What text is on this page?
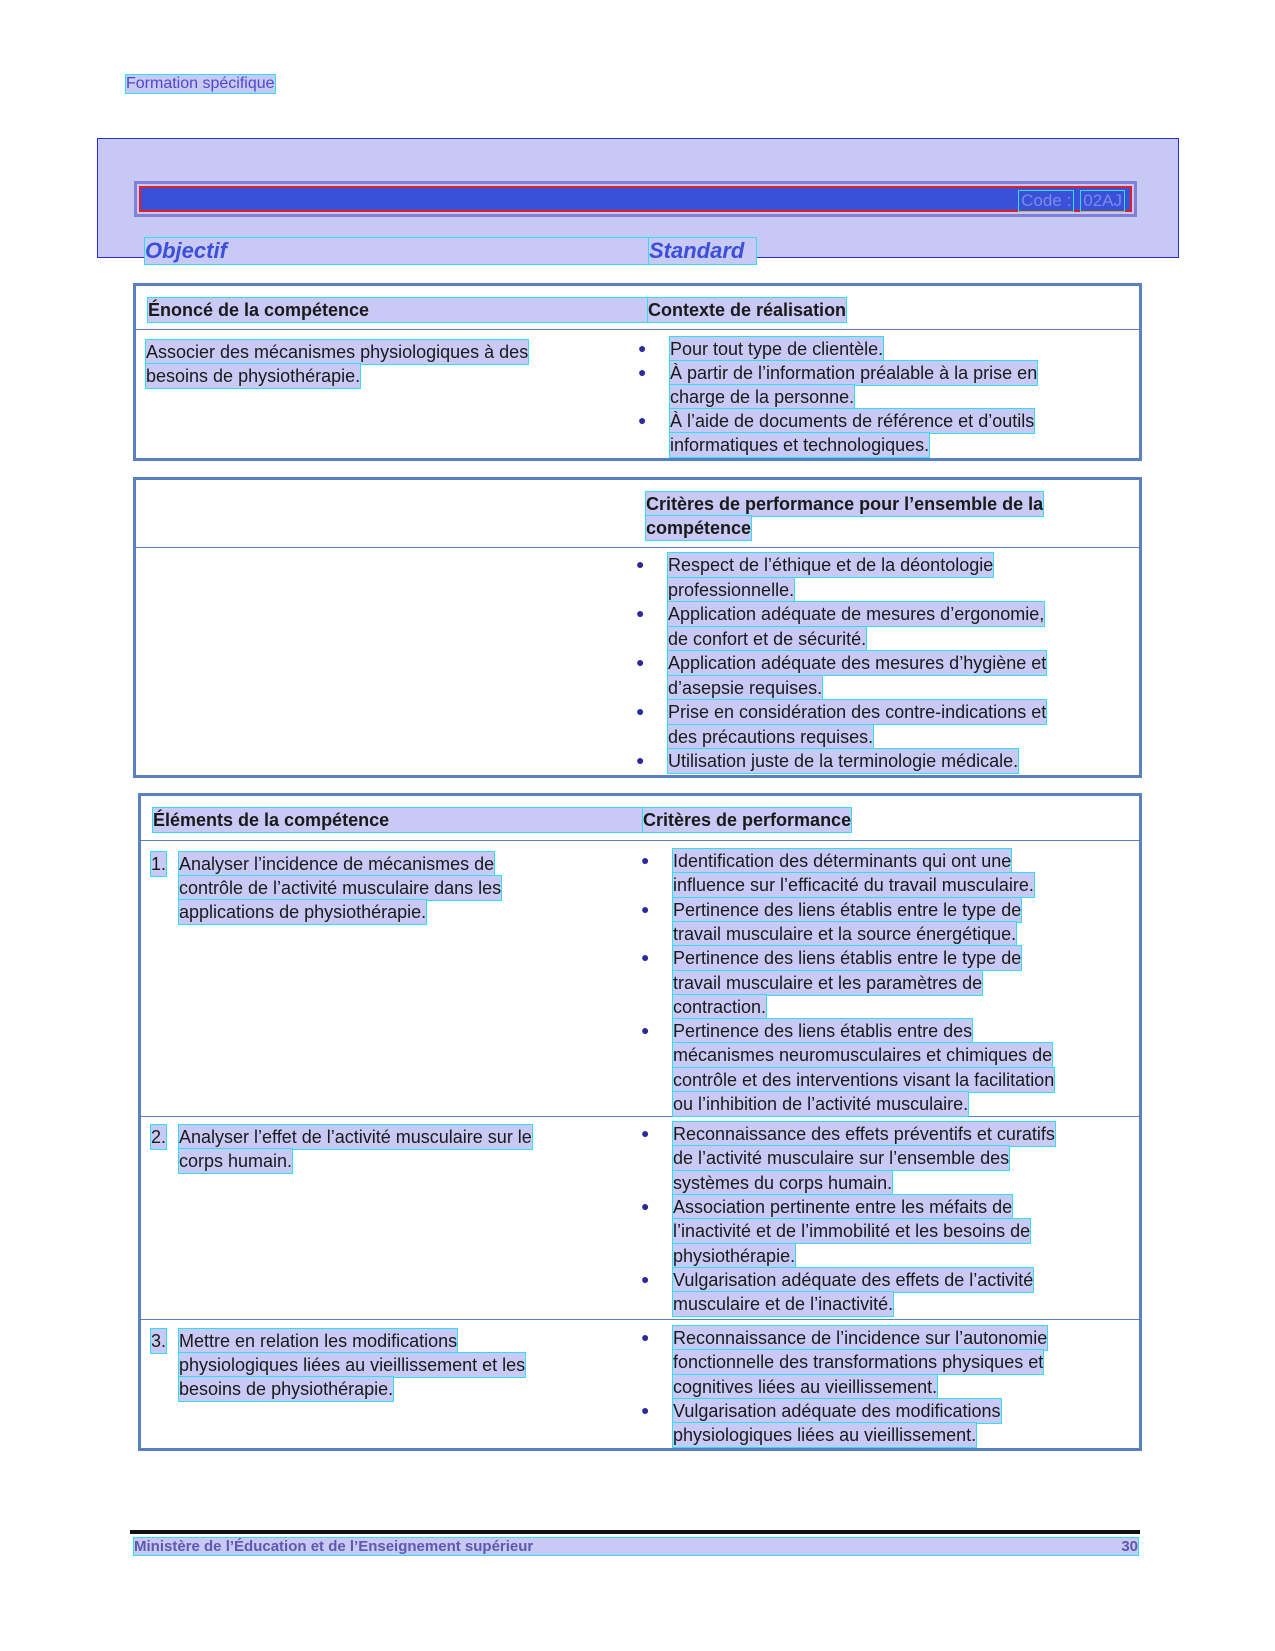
Formation spécifique
Code : 02AJ
Objectif	Standard
Énoncé de la compétence	Contexte de réalisation
Associer des mécanismes physiologiques à des
besoins de physiothérapie.
● Pour tout type de clientèle.
● À partir de l’information préalable à la prise en
charge de la personne.
● À l’aide de documents de référence et d’outils
informatiques et technologiques.
Critères de performance pour l’ensemble de la
compétence
● Respect de l’éthique et de la déontologie
professionnelle.
● Application adéquate de mesures d’ergonomie,
de confort et de sécurité.
● Application adéquate des mesures d’hygiène et
d’asepsie requises.
● Prise en considération des contre-indications et
des précautions requises.
● Utilisation juste de la terminologie médicale.
Éléments de la compétence	Critères de performance
1. Analyser l’incidence de mécanismes de
contrôle de l’activité musculaire dans les
applications de physiothérapie.
● Identification des déterminants qui ont une
influence sur l’efficacité du travail musculaire.
● Pertinence des liens établis entre le type de
travail musculaire et la source énergétique.
● Pertinence des liens établis entre le type de
travail musculaire et les paramètres de
contraction.
● Pertinence des liens établis entre des
mécanismes neuromusculaires et chimiques de
contrôle et des interventions visant la facilitation
ou l’inhibition de l’activité musculaire.
2. Analyser l’effet de l’activité musculaire sur le
corps humain.
● Reconnaissance des effets préventifs et curatifs
de l’activité musculaire sur l’ensemble des
systèmes du corps humain.
● Association pertinente entre les méfaits de
l’inactivité et de l’immobilité et les besoins de
physiothérapie.
● Vulgarisation adéquate des effets de l’activité
musculaire et de l’inactivité.
3. Mettre en relation les modifications
physiologiques liées au vieillissement et les
besoins de physiothérapie.
● Reconnaissance de l’incidence sur l’autonomie
fonctionnelle des transformations physiques et
cognitives liées au vieillissement.
● Vulgarisation adéquate des modifications
physiologiques liées au vieillissement.
Ministère de l’Éducation et de l’Enseignement supérieur	30
